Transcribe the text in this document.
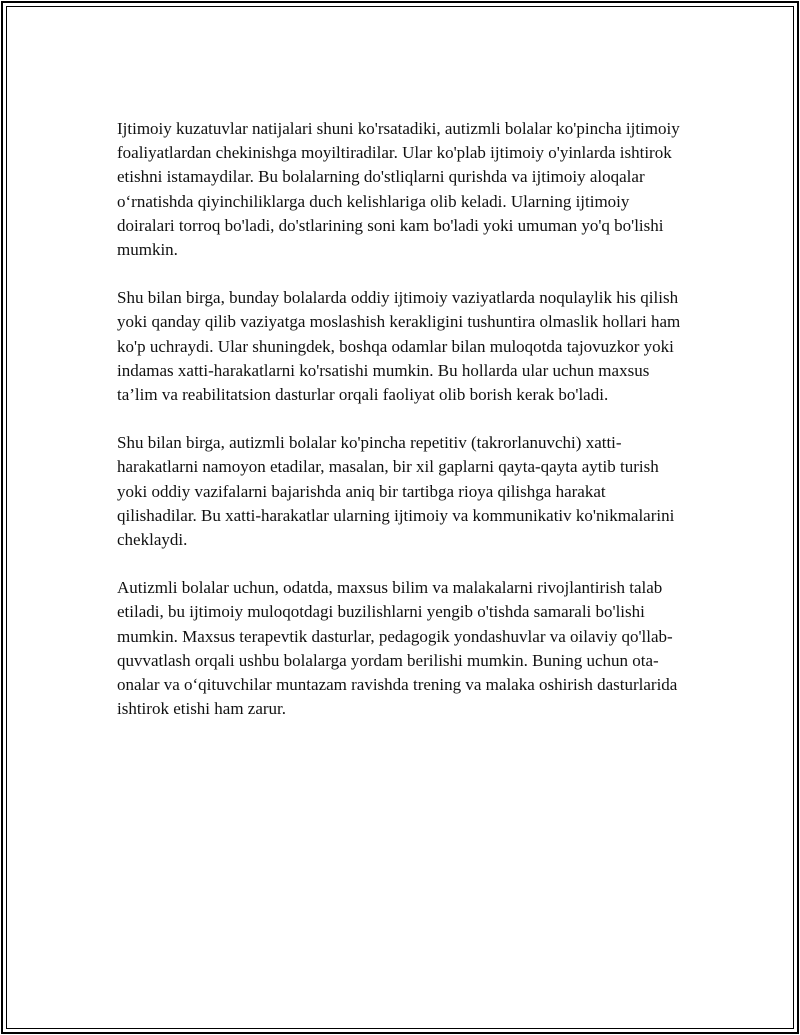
Ijtimoiy kuzatuvlar natijalari shuni ko'rsatadiki, autizmli bolalar ko'pincha ijtimoiy foaliyatlardan chekinishga moyiltiradilar. Ular ko'plab ijtimoiy o'yinlarda ishtirok etishni istamaydilar. Bu bolalarning do'stliqlarni qurishda va ijtimoiy aloqalar o‘rnatishda qiyinchiliklarga duch kelishlariga olib keladi. Ularning ijtimoiy doiralari torroq bo'ladi, do'stlarining soni kam bo'ladi yoki umuman yo'q bo'lishi mumkin.

Shu bilan birga, bunday bolalarda oddiy ijtimoiy vaziyatlarda noqulaylik his qilish yoki qanday qilib vaziyatga moslashish kerakligini tushuntira olmaslik hollari ham ko'p uchraydi. Ular shuningdek, boshqa odamlar bilan muloqotda tajovuzkor yoki indamas xatti-harakatlarni ko'rsatishi mumkin. Bu hollarda ular uchun maxsus ta’lim va reabilitatsion dasturlar orqali faoliyat olib borish kerak bo'ladi.

Shu bilan birga, autizmli bolalar ko'pincha repetitiv (takrorlanuvchi) xatti-harakatlarni namoyon etadilar, masalan, bir xil gaplarni qayta-qayta aytib turish yoki oddiy vazifalarni bajarishda aniq bir tartibga rioya qilishga harakat qilishadilar. Bu xatti-harakatlar ularning ijtimoiy va kommunikativ ko'nikmalarini cheklaydi.

Autizmli bolalar uchun, odatda, maxsus bilim va malakalarni rivojlantirish talab etiladi, bu ijtimoiy muloqotdagi buzilishlarni yengib o'tishda samarali bo'lishi mumkin. Maxsus terapevtik dasturlar, pedagogik yondashuvlar va oilaviy qo'llab-quvvatlash orqali ushbu bolalarga yordam berilishi mumkin. Buning uchun ota-onalar va o‘qituvchilar muntazam ravishda trening va malaka oshirish dasturlarida ishtirok etishi ham zarur.
